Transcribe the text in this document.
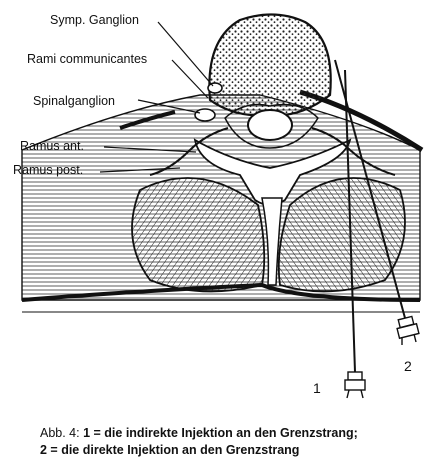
Symp. Ganglion
Rami communicantes
Spinalganglion
Ramus ant.
Ramus post.
1
2
Abb. 4: 1 = die indirekte Injektion an den Grenzstrang;
2 = die direkte Injektion an den Grenzstrang
